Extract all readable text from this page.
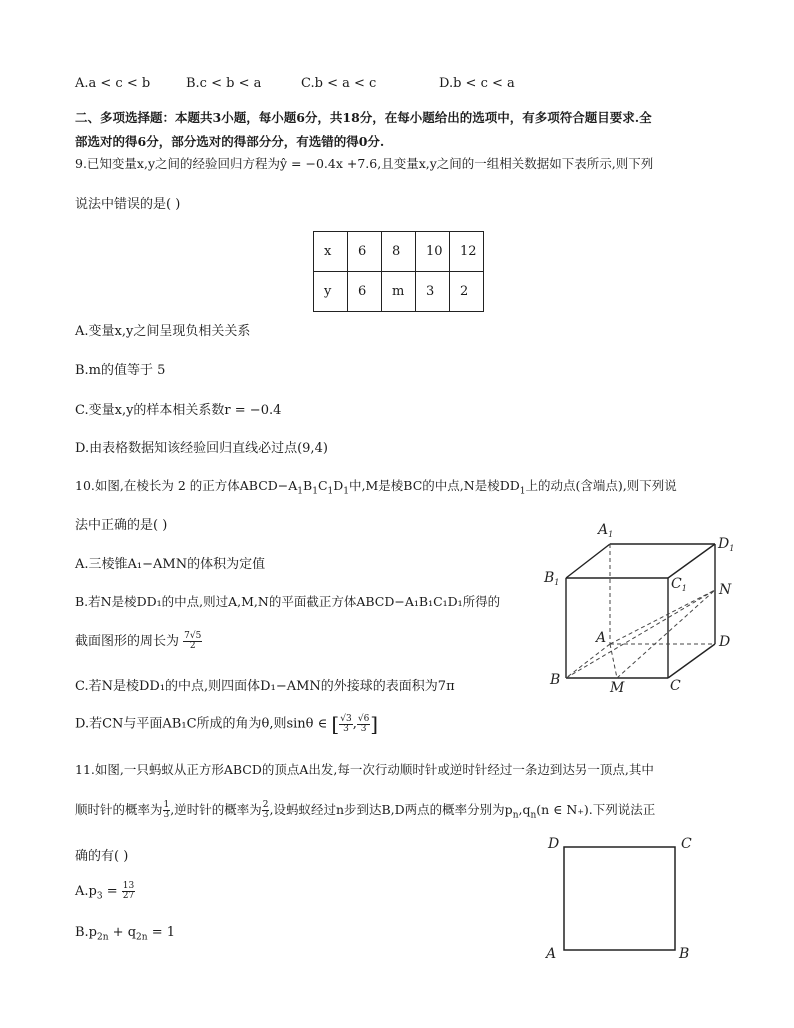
A.a < c < b	B.c < b < a	C.b < a < c	D.b < c < a
二、多项选择题：本题共3小题，每小题6分，共18分，在每小题给出的选项中，有多项符合题目要求.全
部选对的得6分，部分选对的得部分分，有选错的得0分.
9.已知变量x,y之间的经验回归方程为ŷ = −0.4x +7.6,且变量x,y之间的一组相关数据如下表所示,则下列
说法中错误的是( )
x	6	8	10	12
y	6	m	3	2
A.变量x,y之间呈现负相关关系
B.m的值等于 5
C.变量x,y的样本相关系数r = −0.4
D.由表格数据知该经验回归直线必过点(9,4)
10.如图,在棱长为 2 的正方体$ABCD-A_1B_1C_1D_1$中,M是棱BC的中点,N是棱$DD_1$上的动点(含端点),则下列说
法中正确的是( )
A.三棱锥A₁−AMN的体积为定值
B.若N是棱DD₁的中点,则过A,M,N的平面截正方体ABCD−A₁B₁C₁D₁所得的
截面图形的周长为 $\frac{7√5}{2}$
C.若N是棱DD₁的中点,则四面体D₁−AMN的外接球的表面积为7π
D.若CN与平面AB₁C所成的角为θ,则sin⁡θ ∈ [ $\frac{√3}{3}$ , $\frac{√6}{3}$ ]
$A_1$
$D_1$
$B_1$	$C_1$ N
A	D
B	M	C
11.如图,一只蚂蚁从正方形ABCD的顶点A出发,每一次行动顺时针或逆时针经过一条边到达另一顶点,其中
顺时针的概率为 $\frac{1}{3}$ ,逆时针的概率为 $\frac{2}{3}$ ,设蚂蚁经过n步到达B,D两点的概率分别为$p_n,q_n(n$ ∈ N₊).下列说法正
确的有( )
$A.p_3 = \frac{13}{27}$
$B.p_{2n} + q_{2n} = 1$
D	C
A	B
